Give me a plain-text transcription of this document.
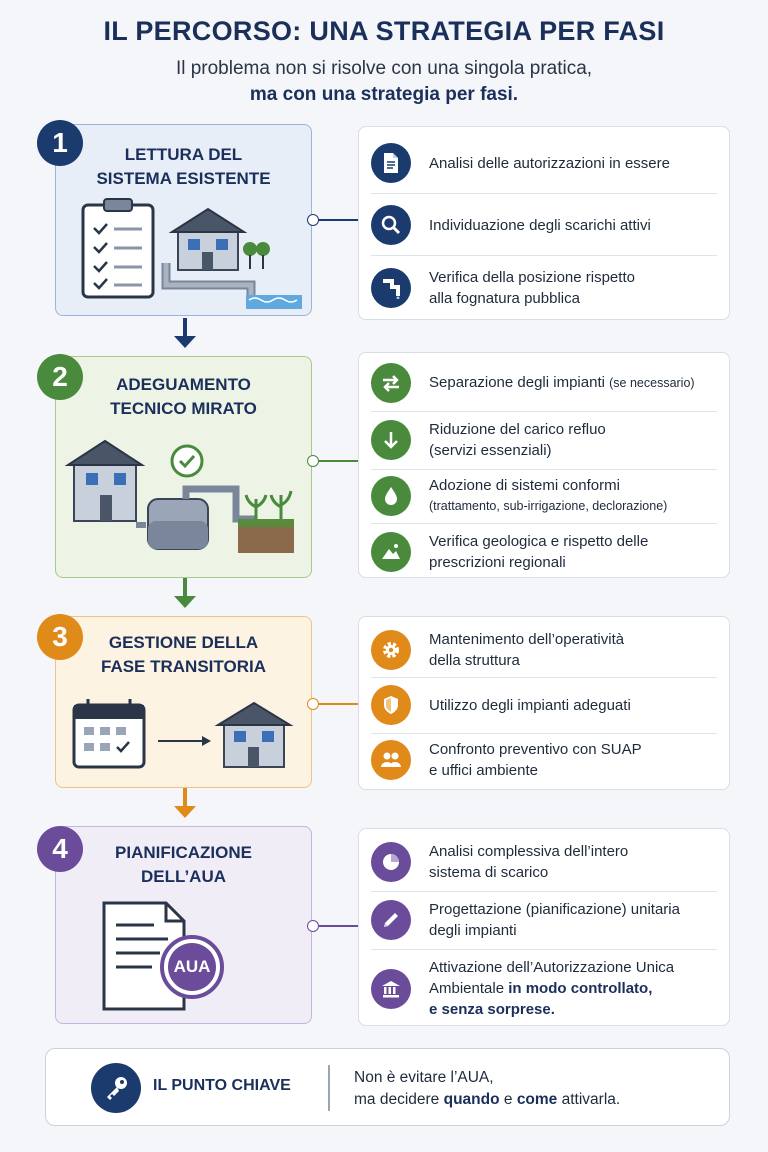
IL PERCORSO: UNA STRATEGIA PER FASI
Il problema non si risolve con una singola pratica,
ma con una strategia per fasi.
LETTURA DEL
SISTEMA ESISTENTE
1
Analisi delle autorizzazioni in essere
Individuazione degli scarichi attivi
Verifica della posizione rispetto
alla fognatura pubblica
ADEGUAMENTO
TECNICO MIRATO
2	Separazione degli impianti (se necessario)
Riduzione del carico refluo
(servizi essenziali)
Adozione di sistemi conformi
(trattamento, sub-irrigazione, declorazione)
Verifica geologica e rispetto delle
prescrizioni regionali
GESTIONE DELLA
FASE TRANSITORIA
3	Mantenimento dell’operatività
della struttura
Utilizzo degli impianti adeguati
Confronto preventivo con SUAP
e uffici ambiente
PIANIFICAZIONE
DELL’AUA
AUA
4	Analisi complessiva dell’intero
sistema di scarico
Progettazione (pianificazione) unitaria
degli impianti
Attivazione dell’Autorizzazione Unica
Ambientale in modo controllato,
e senza sorprese.
IL PUNTO CHIAVE	Non è evitare l’AUA,
ma decidere quando e come attivarla.
